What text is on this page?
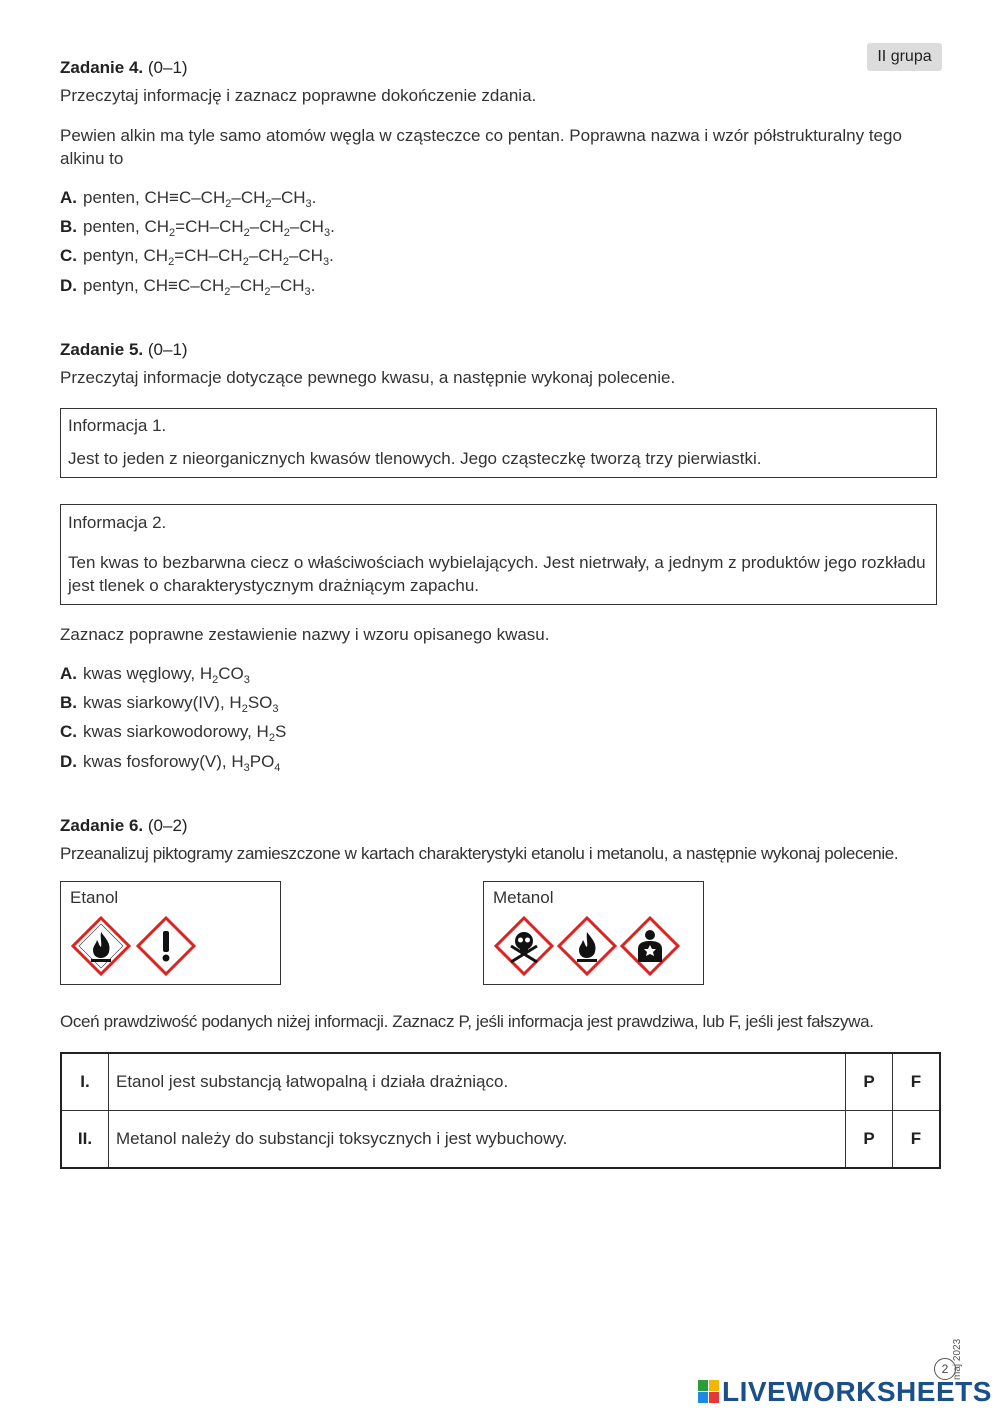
II grupa
Zadanie 4. (0–1)
Przeczytaj informację i zaznacz poprawne dokończenie zdania.
Pewien alkin ma tyle samo atomów węgla w cząsteczce co pentan. Poprawna nazwa i wzór półstrukturalny tego alkinu to
A. penten, $CH\equiv C-CH_2-CH_2-CH_3$.
B. penten, $CH_2=CH-CH_2-CH_2-CH_3$.
C. pentyn, $CH_2=CH-CH_2-CH_2-CH_3$.
D. pentyn, $CH\equiv C-CH_2-CH_2-CH_3$.
Zadanie 5. (0–1)
Przeczytaj informacje dotyczące pewnego kwasu, a następnie wykonaj polecenie.
Informacja 1.
Jest to jeden z nieorganicznych kwasów tlenowych. Jego cząsteczkę tworzą trzy pierwiastki.
Informacja 2.
Ten kwas to bezbarwna ciecz o właściwościach wybielających. Jest nietrwały, a jednym z produktów jego rozkładu jest tlenek o charakterystycznym drażniącym zapachu.
Zaznacz poprawne zestawienie nazwy i wzoru opisanego kwasu.
A. kwas węglowy, $H_2CO_3$
B. kwas siarkowy(IV), $H_2SO_3$
C. kwas siarkowodorowy, $H_2S$
D. kwas fosforowy(V), $H_3PO_4$
Zadanie 6. (0–2)
Przeanalizuj piktogramy zamieszczone w kartach charakterystyki etanolu i metanolu, a następnie wykonaj polecenie.
Etanol	Metanol
Oceń prawdziwość podanych niżej informacji. Zaznacz P, jeśli informacja jest prawdziwa, lub F, jeśli jest fałszywa.
I.	Etanol jest substancją łatwopalną i działa drażniąco.	P	F
II.	Metanol należy do substancji toksycznych i jest wybuchowy.	P	F
2 maj 2023
LIVEWORKSHEETS
